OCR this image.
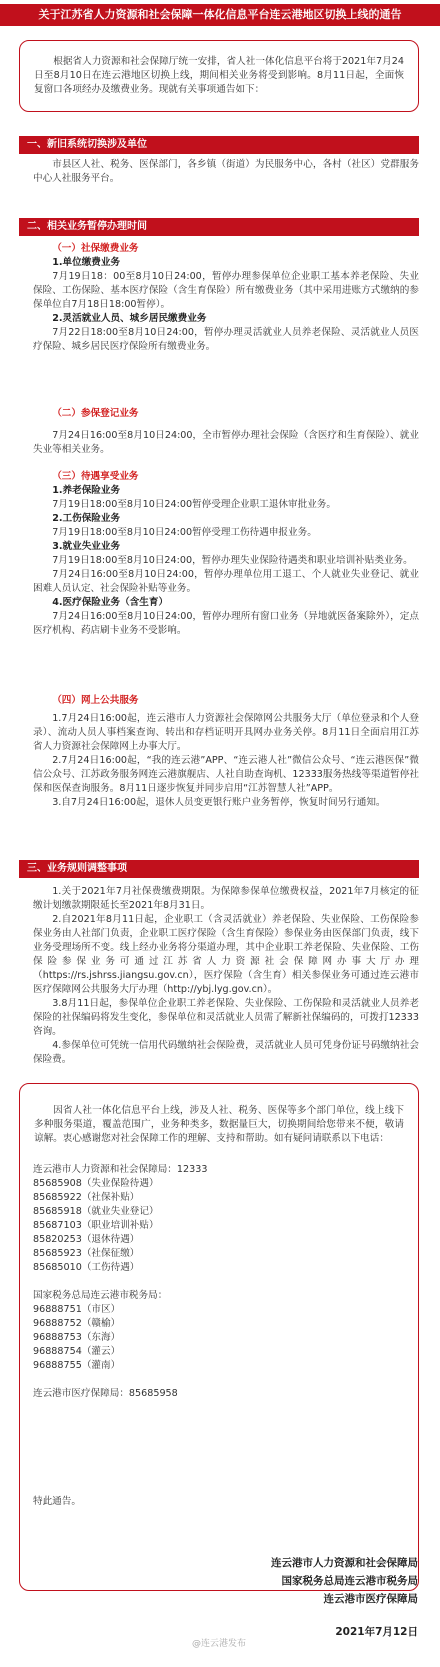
关于江苏省人力资源和社会保障一体化信息平台连云港地区切换上线的通告

根据省人力资源和社会保障厅统一安排，省人社一体化信息平台将于2021年7月24日至8月10日在连云港地区切换上线，期间相关业务将受到影响。8月11日起，全面恢复窗口各项经办及缴费业务。现就有关事项通告如下：

一、新旧系统切换涉及单位

市县区人社、税务、医保部门，各乡镇（街道）为民服务中心，各村（社区）党群服务中心人社服务平台。

二、相关业务暂停办理时间

（一）社保缴费业务

1.单位缴费业务

7月19日18：00至8月10日24:00，暂停办理参保单位企业职工基本养老保险、失业保险、工伤保险、基本医疗保险（含生育保险）所有缴费业务（其中采用进账方式缴纳的参保单位自7月18日18:00暂停）。

2.灵活就业人员、城乡居民缴费业务

7月22日18:00至8月10日24:00，暂停办理灵活就业人员养老保险、灵活就业人员医疗保险、城乡居民医疗保险所有缴费业务。

（二）参保登记业务

7月24日16:00至8月10日24:00，全市暂停办理社会保险（含医疗和生育保险）、就业失业等相关业务。

（三）待遇享受业务

1.养老保险业务

7月19日18:00至8月10日24:00暂停受理企业职工退休审批业务。

2.工伤保险业务

7月19日18:00至8月10日24:00暂停受理工伤待遇申报业务。

3.就业失业业务

7月19日18:00至8月10日24:00，暂停办理失业保险待遇类和职业培训补贴类业务。

7月24日16:00至8月10日24:00，暂停办理单位用工退工、个人就业失业登记、就业困难人员认定、社会保险补贴等业务。

4.医疗保险业务（含生育）

7月24日16:00至8月10日24:00，暂停办理所有窗口业务（异地就医备案除外），定点医疗机构、药店刷卡业务不受影响。

（四）网上公共服务

1.7月24日16:00起，连云港市人力资源社会保障网公共服务大厅（单位登录和个人登录）、流动人员人事档案查询、转出和存档证明开具网办业务关停。8月11日全面启用江苏省人力资源社会保障网上办事大厅。

2.7月24日16:00起，“我的连云港”APP、“连云港人社”微信公众号、“连云港医保”微信公众号、江苏政务服务网连云港旗舰店、人社自助查询机、12333服务热线等渠道暂停社保和医保查询服务。8月11日逐步恢复并同步启用“江苏智慧人社”APP。

3.自7月24日16:00起，退休人员变更银行账户业务暂停，恢复时间另行通知。

三、业务规则调整事项

1.关于2021年7月社保费缴费期限。为保障参保单位缴费权益，2021年7月核定的征缴计划缴款期限延长至2021年8月31日。

2.自2021年8月11日起，企业职工（含灵活就业）养老保险、失业保险、工伤保险参保业务由人社部门负责，企业职工医疗保险（含生育保险）参保业务由医保部门负责，线下业务受理场所不变。线上经办业务将分渠道办理，其中企业职工养老保险、失业保险、工伤保险参保业务可通过江苏省人力资源社会保障网办事大厅办理（https://rs.jshrss.jiangsu.gov.cn），医疗保险（含生育）相关参保业务可通过连云港市医疗保障网公共服务大厅办理（http://ybj.lyg.gov.cn）。

3.8月11日起，参保单位企业职工养老保险、失业保险、工伤保险和灵活就业人员养老保险的社保编码将发生变化，参保单位和灵活就业人员需了解新社保编码的，可拨打12333咨询。

4.参保单位可凭统一信用代码缴纳社会保险费，灵活就业人员可凭身份证号码缴纳社会保险费。

因省人社一体化信息平台上线，涉及人社、税务、医保等多个部门单位，线上线下多种服务渠道，覆盖范围广，业务种类多，数据量巨大，切换期间给您带来不便，敬请谅解。衷心感谢您对社会保障工作的理解、支持和帮助。如有疑问请联系以下电话：

连云港市人力资源和社会保障局：12333
85685908（失业保险待遇）
85685922（社保补贴）
85685918（就业失业登记）
85687103（职业培训补贴）
85820253（退休待遇）
85685923（社保征缴）
85685010（工伤待遇）
国家税务总局连云港市税务局：
96888751（市区）
96888752（赣榆）
96888753（东海）
96888754（灌云）
96888755（灌南）
连云港市医疗保障局：85685958
特此通告。
连云港市人力资源和社会保障局
国家税务总局连云港市税务局
连云港市医疗保障局
2021年7月12日
@连云港发布
